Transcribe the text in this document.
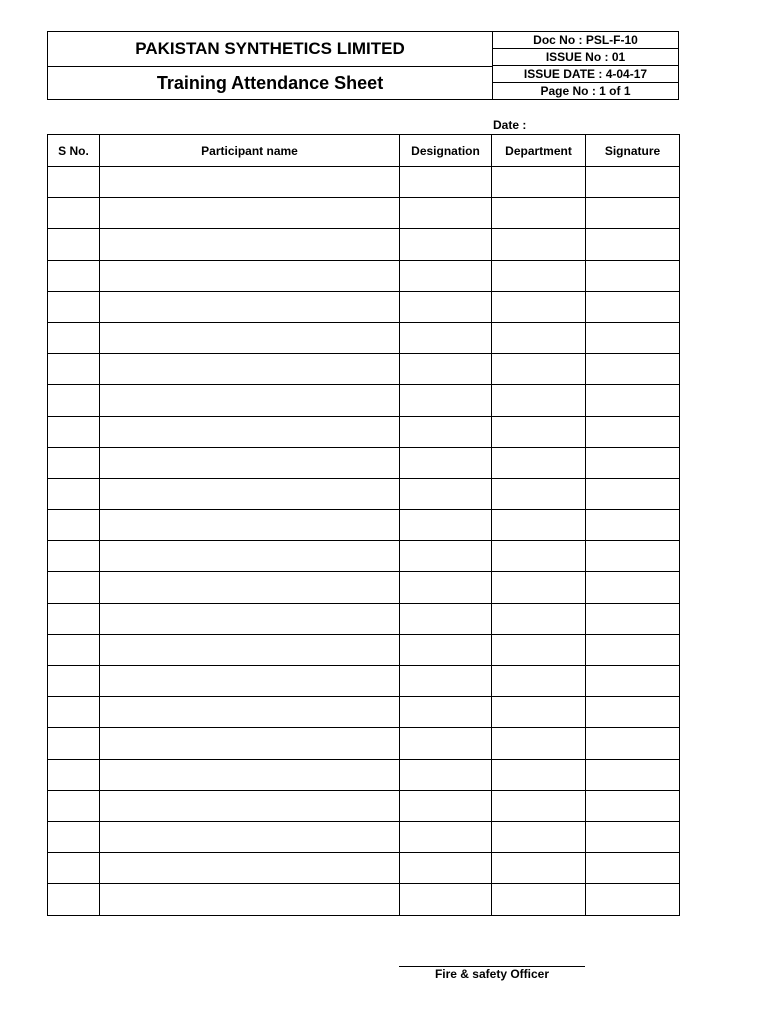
PAKISTAN SYNTHETICS LIMITED
Training Attendance Sheet
Doc No : PSL-F-10
ISSUE No : 01
ISSUE DATE : 4-04-17
Page No : 1 of 1
Date :
S No.	Participant name	Designation	Department	Signature

Fire & safety Officer
